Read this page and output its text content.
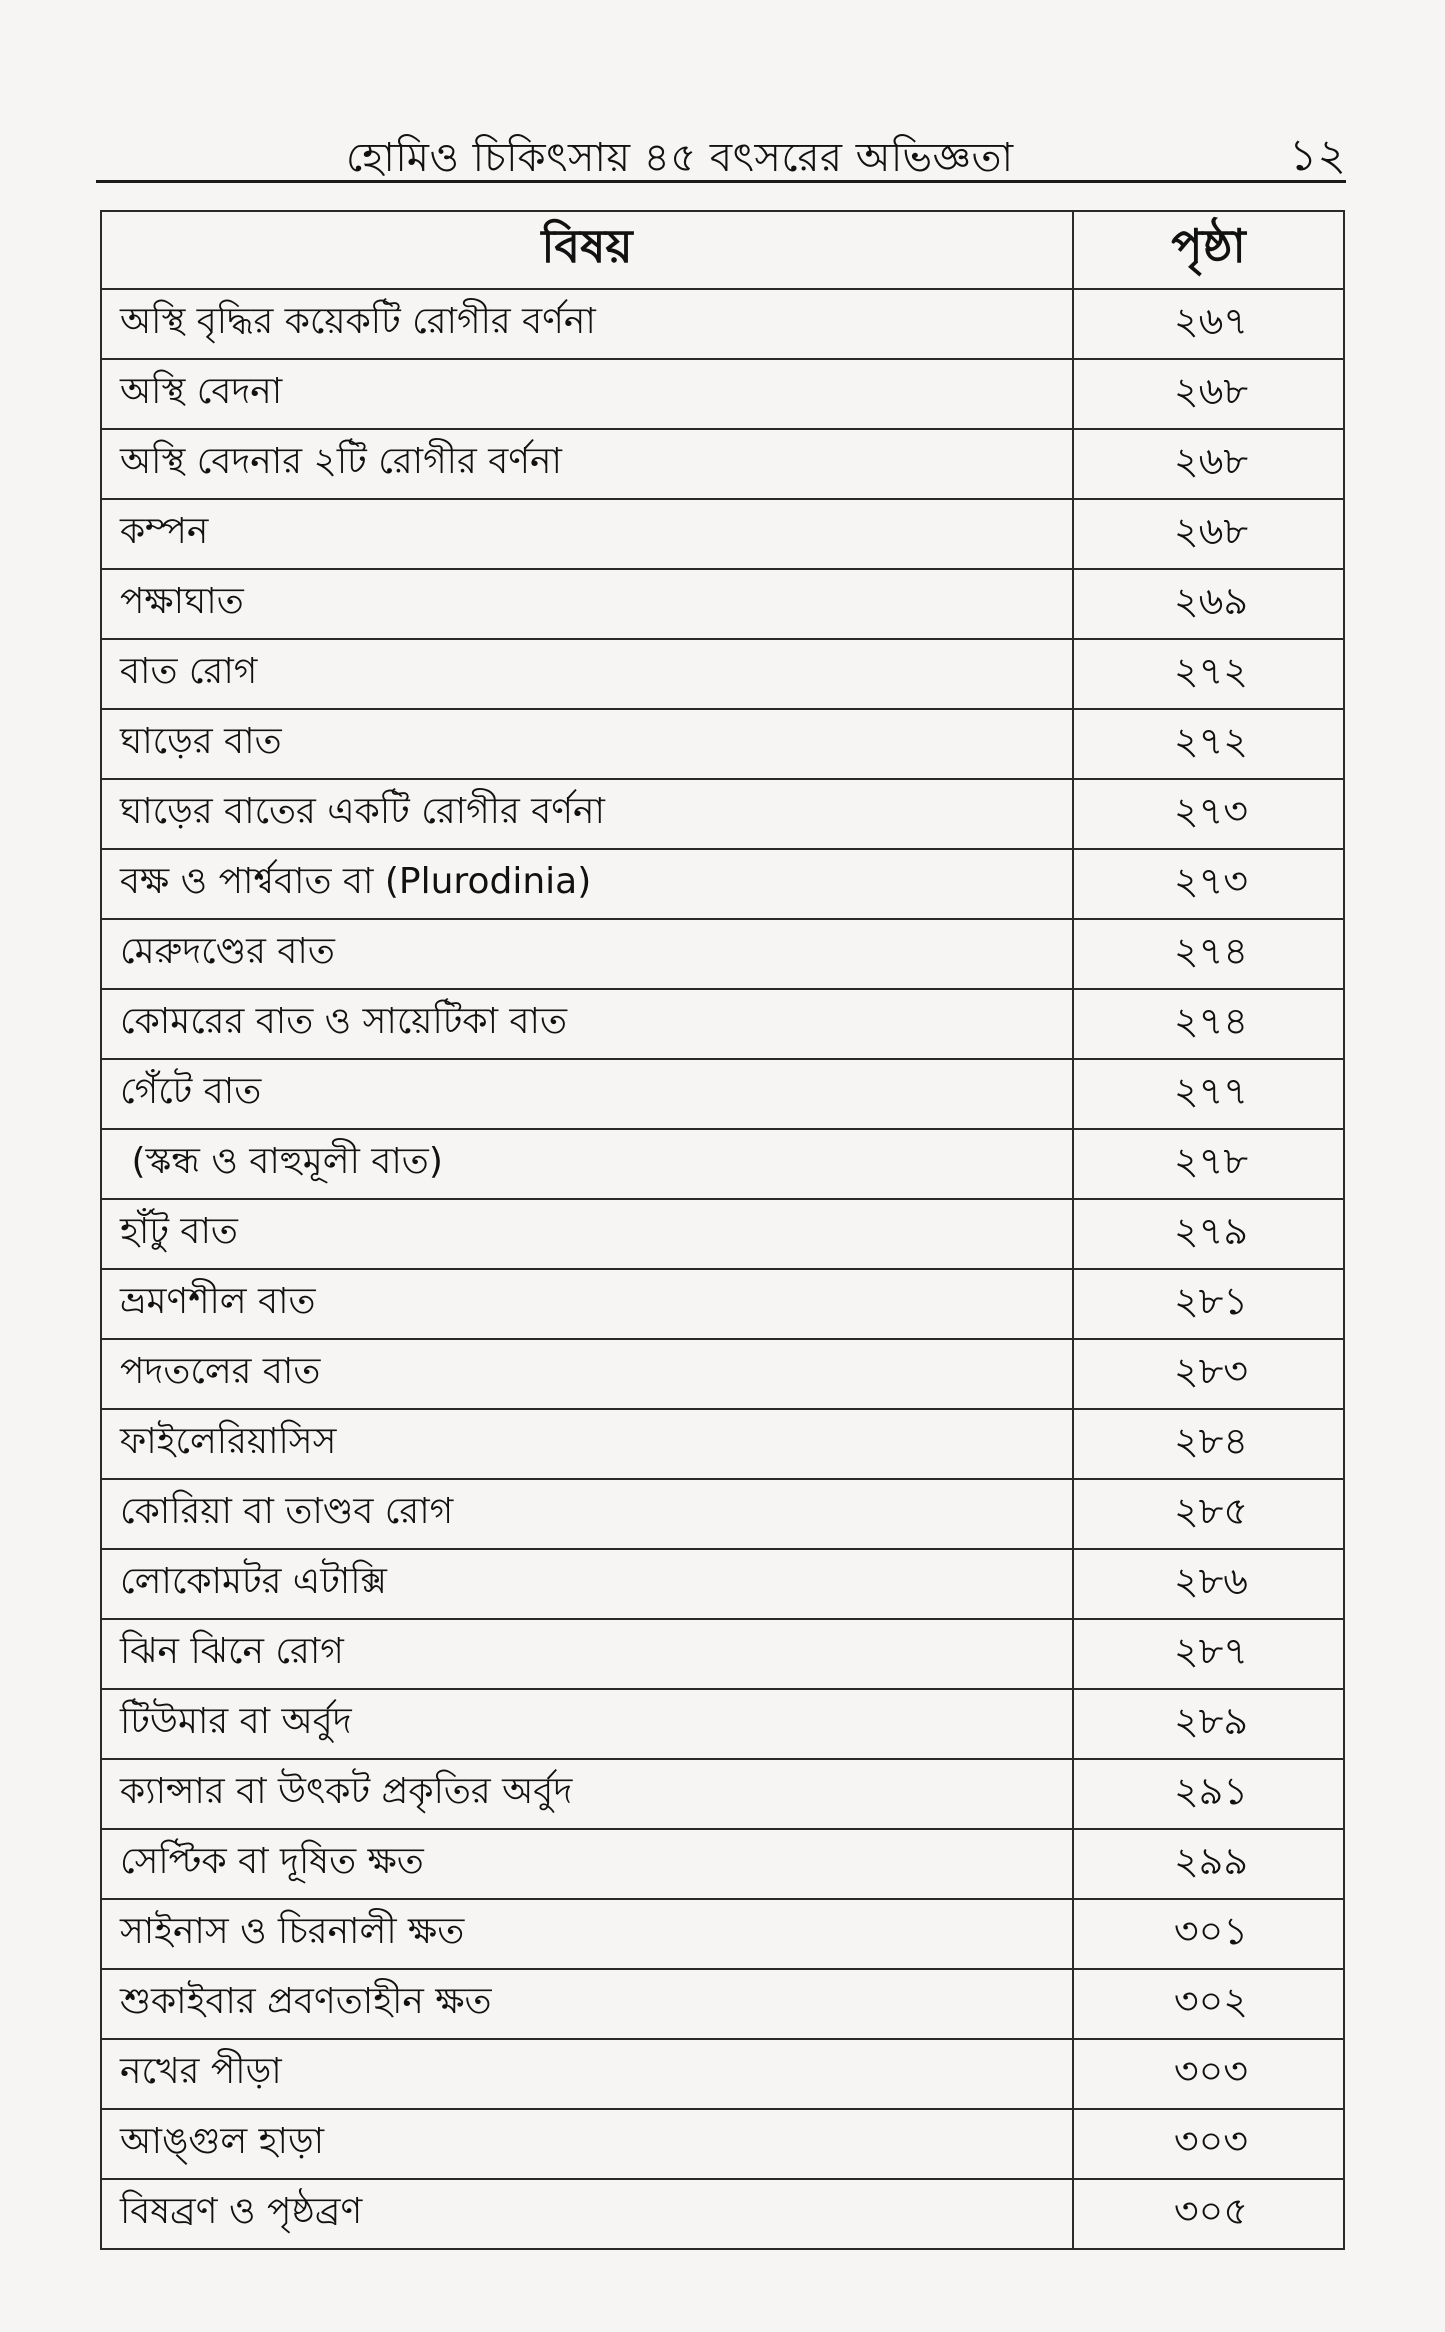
হোমিও চিকিৎসায় ৪৫ বৎসরের অভিজ্ঞতা	১২
বিষয়	পৃষ্ঠা
অস্থি বৃদ্ধির কয়েকটি রোগীর বর্ণনা	২৬৭
অস্থি বেদনা	২৬৮
অস্থি বেদনার ২টি রোগীর বর্ণনা	২৬৮
কম্পন	২৬৮
পক্ষাঘাত	২৬৯
বাত রোগ	২৭২
ঘাড়ের বাত	২৭২
ঘাড়ের বাতের একটি রোগীর বর্ণনা	২৭৩
বক্ষ ও পার্শ্ববাত বা (Plurodinia)	২৭৩
মেরুদণ্ডের বাত	২৭৪
কোমরের বাত ও সায়েটিকা বাত	২৭৪
গেঁটে বাত	২৭৭
(স্কন্ধ ও বাহুমূলী বাত)	২৭৮
হাঁটু বাত	২৭৯
ভ্রমণশীল বাত	২৮১
পদতলের বাত	২৮৩
ফাইলেরিয়াসিস	২৮৪
কোরিয়া বা তাণ্ডব রোগ	২৮৫
লোকোমটর এটাক্সি	২৮৬
ঝিন ঝিনে রোগ	২৮৭
টিউমার বা অর্বুদ	২৮৯
ক্যান্সার বা উৎকট প্রকৃতির অর্বুদ	২৯১
সেপ্টিক বা দূষিত ক্ষত	২৯৯
সাইনাস ও চিরনালী ক্ষত	৩০১
শুকাইবার প্রবণতাহীন ক্ষত	৩০২
নখের পীড়া	৩০৩
আঙ্গুল হাড়া	৩০৩
বিষব্রণ ও পৃষ্ঠব্রণ	৩০৫
